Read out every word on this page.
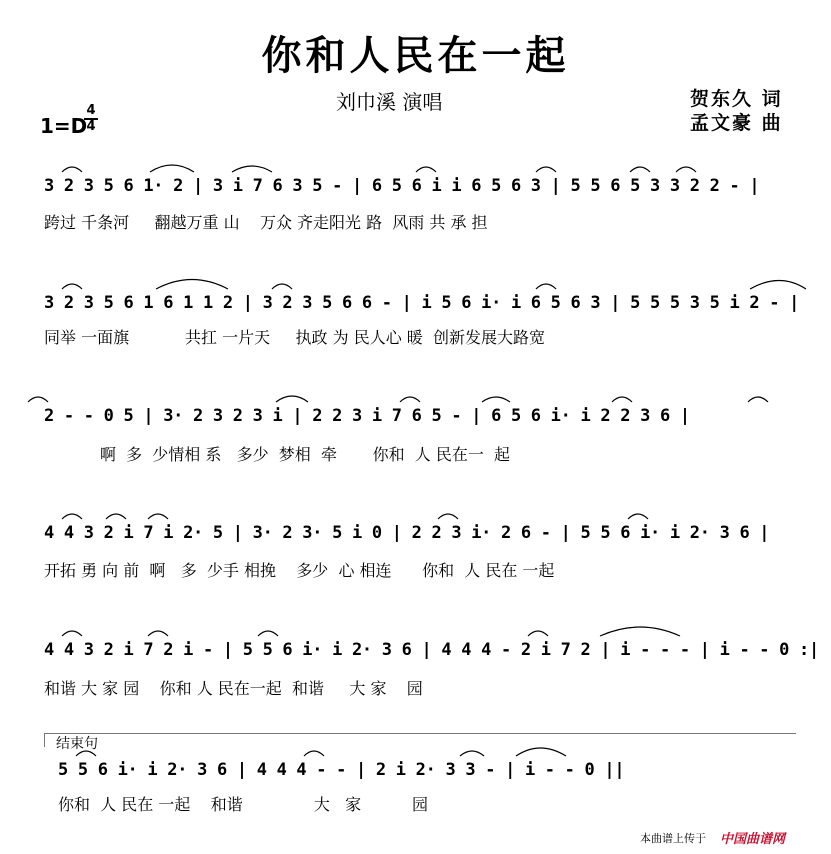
你和人民在一起
刘巾溪 演唱	贺东久 词
孟文豪 曲
1=D
4
4
3 2 3 5 6 1· 2 | 3 i 7 6 3 5 - | 6 5 6 i i 6 5 6 3 | 5 5 6 5 3 3 2 2 - |
跨过 千条河     翻越万重 山    万众 齐走阳光 路  风雨 共 承 担
3 2 3 5 6 1 6 1 1 2 | 3 2 3 5 6 6 - | i 5 6 i· i 6 5 6 3 | 5 5 5 3 5 i 2 - |
同举 一面旗           共扛 一片天     执政 为 民人心 暖  创新发展大路宽
2 - - 0 5 | 3· 2 3 2 3 i | 2 2 3 i 7 6 5 - | 6 5 6 i· i 2 2 3 6 |
啊  多  少情相 系   多少  梦相  牵       你和  人 民在一  起
4 4 3 2 i 7 i 2· 5 | 3· 2 3· 5 i 0 | 2 2 3 i· 2 6 - | 5 5 6 i· i 2· 3 6 |
开拓 勇 向 前  啊   多  少手 相挽    多少  心 相连      你和  人 民在 一起
4 4 3 2 i 7 2 i - | 5 5 6 i· i 2· 3 6 | 4 4 4 - 2 i 7 2 | i - - - | i - - 0 :|
和谐 大 家 园    你和 人 民在一起  和谐     大 家    园
结束句
5 5 6 i· i 2· 3 6 | 4 4 4 - - | 2 i 2· 3 3 - | i - - 0 ||
你和  人 民在 一起    和谐              大   家          园
本曲谱上传于 中国曲谱网
